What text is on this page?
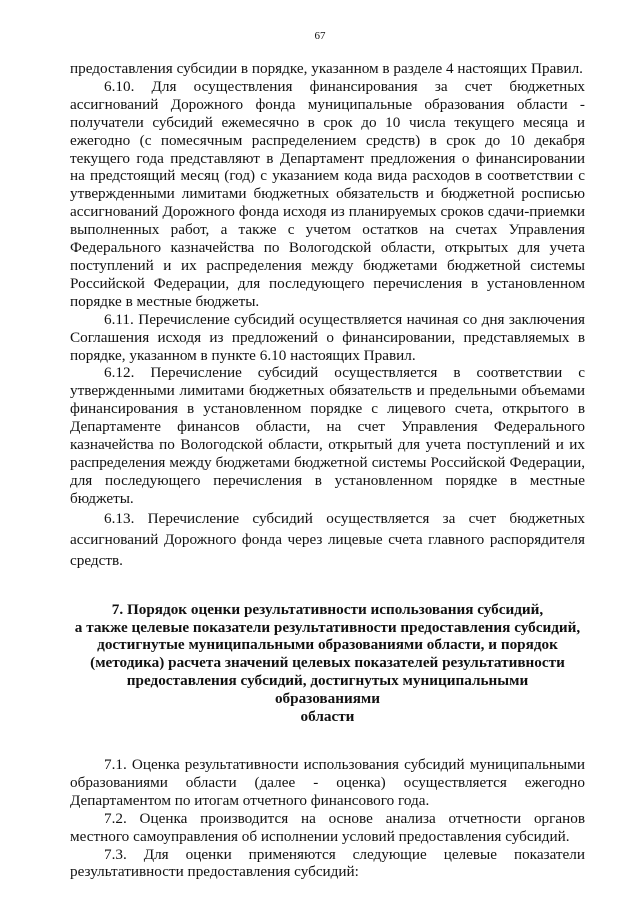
67

предоставления субсидии в порядке, указанном в разделе 4 настоящих Правил.

6.10. Для осуществления финансирования за счет бюджетных ассигнований Дорожного фонда муниципальные образования области - получатели субсидий ежемесячно в срок до 10 числа текущего месяца и ежегодно (с помесячным распределением средств) в срок до 10 декабря текущего года представляют в Департамент предложения о финансировании на предстоящий месяц (год) с указанием кода вида расходов в соответствии с утвержденными лимитами бюджетных обязательств и бюджетной росписью ассигнований Дорожного фонда исходя из планируемых сроков сдачи-приемки выполненных работ, а также с учетом остатков на счетах Управления Федерального казначейства по Вологодской области, открытых для учета поступлений и их распределения между бюджетами бюджетной системы Российской Федерации, для последующего перечисления в установленном порядке в местные бюджеты.

6.11. Перечисление субсидий осуществляется начиная со дня заключения Соглашения исходя из предложений о финансировании, представляемых в порядке, указанном в пункте 6.10 настоящих Правил.

6.12. Перечисление субсидий осуществляется в соответствии с утвержденными лимитами бюджетных обязательств и предельными объемами финансирования в установленном порядке с лицевого счета, открытого в Департаменте финансов области, на счет Управления Федерального казначейства по Вологодской области, открытый для учета поступлений и их распределения между бюджетами бюджетной системы Российской Федерации, для последующего перечисления в установленном порядке в местные бюджеты.

6.13. Перечисление субсидий осуществляется за счет бюджетных ассигнований Дорожного фонда через лицевые счета главного распорядителя средств.

7. Порядок оценки результативности использования субсидий,
а также целевые показатели результативности предоставления субсидий,
достигнутые муниципальными образованиями области, и порядок
(методика) расчета значений целевых показателей результативности
предоставления субсидий, достигнутых муниципальными образованиями
области

7.1. Оценка результативности использования субсидий муниципальными образованиями области (далее - оценка) осуществляется ежегодно Департаментом по итогам отчетного финансового года.

7.2. Оценка производится на основе анализа отчетности органов местного самоуправления об исполнении условий предоставления субсидий.

7.3. Для оценки применяются следующие целевые показатели результативности предоставления субсидий:
